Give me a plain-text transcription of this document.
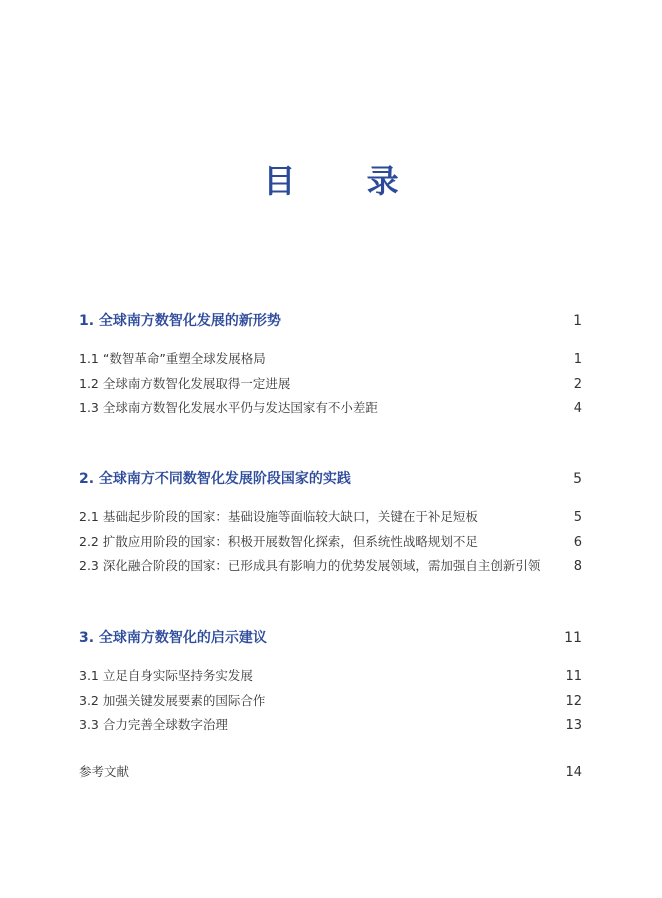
目 录
1. 全球南方数智化发展的新形势	1
1.1 “数智革命”重塑全球发展格局	1
1.2 全球南方数智化发展取得一定进展	2
1.3 全球南方数智化发展水平仍与发达国家有不小差距	4
2. 全球南方不同数智化发展阶段国家的实践	5
2.1 基础起步阶段的国家：基础设施等面临较大缺口，关键在于补足短板	5
2.2 扩散应用阶段的国家：积极开展数智化探索，但系统性战略规划不足	6
2.3 深化融合阶段的国家：已形成具有影响力的优势发展领域，需加强自主创新引领	8
3. 全球南方数智化的启示建议	11
3.1 立足自身实际坚持务实发展	11
3.2 加强关键发展要素的国际合作	12
3.3 合力完善全球数字治理	13
参考文献	14
